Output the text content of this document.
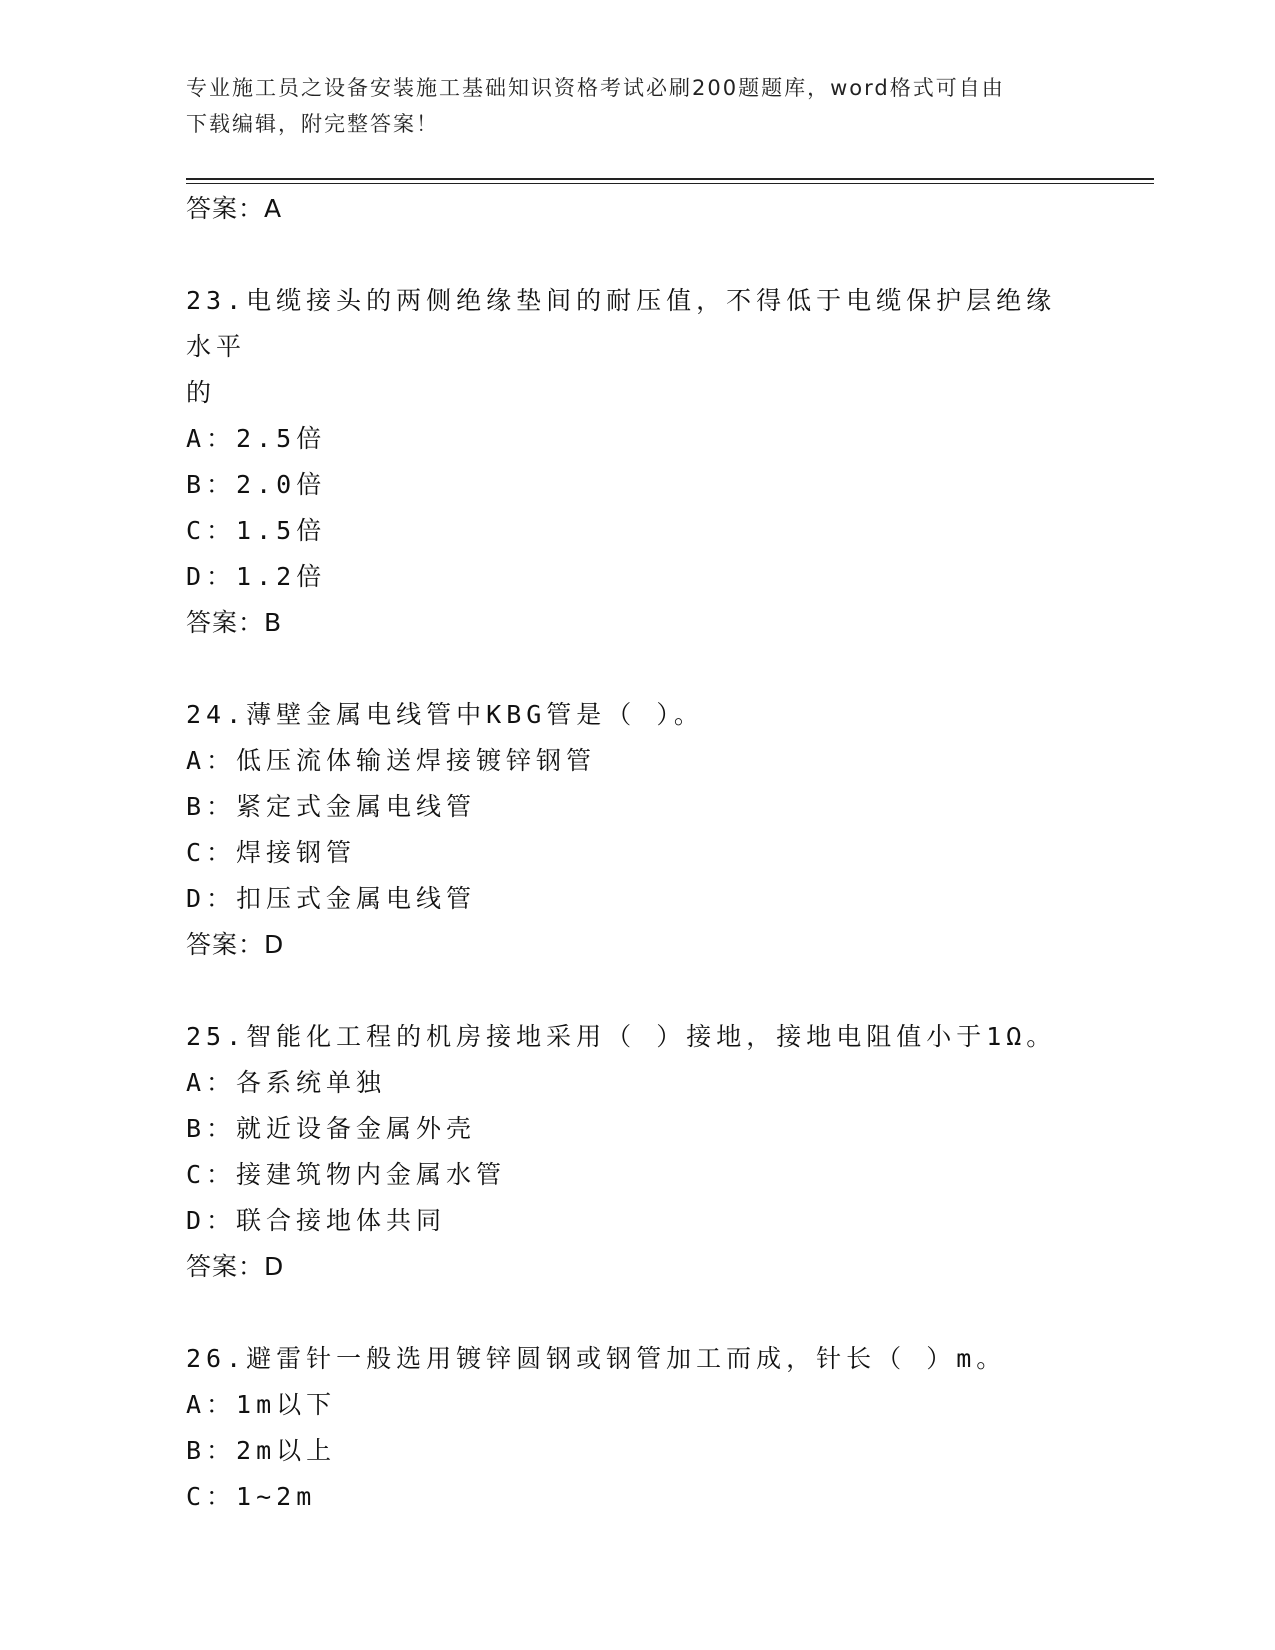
专业施工员之设备安装施工基础知识资格考试必刷200题题库，word格式可自由
下载编辑，附完整答案！
答案：A
23.电缆接头的两侧绝缘垫间的耐压值，不得低于电缆保护层绝缘水平
的
A：2.5倍
B：2.0倍
C：1.5倍
D：1.2倍
答案：B
24.薄壁金属电线管中KBG管是（ ）。
A：低压流体输送焊接镀锌钢管
B：紧定式金属电线管
C：焊接钢管
D：扣压式金属电线管
答案：D
25.智能化工程的机房接地采用（ ）接地，接地电阻值小于1Ω。
A：各系统单独
B：就近设备金属外壳
C：接建筑物内金属水管
D：联合接地体共同
答案：D
26.避雷针一般选用镀锌圆钢或钢管加工而成，针长（ ）m。
A：1m以下
B：2m以上
C：1~2m
